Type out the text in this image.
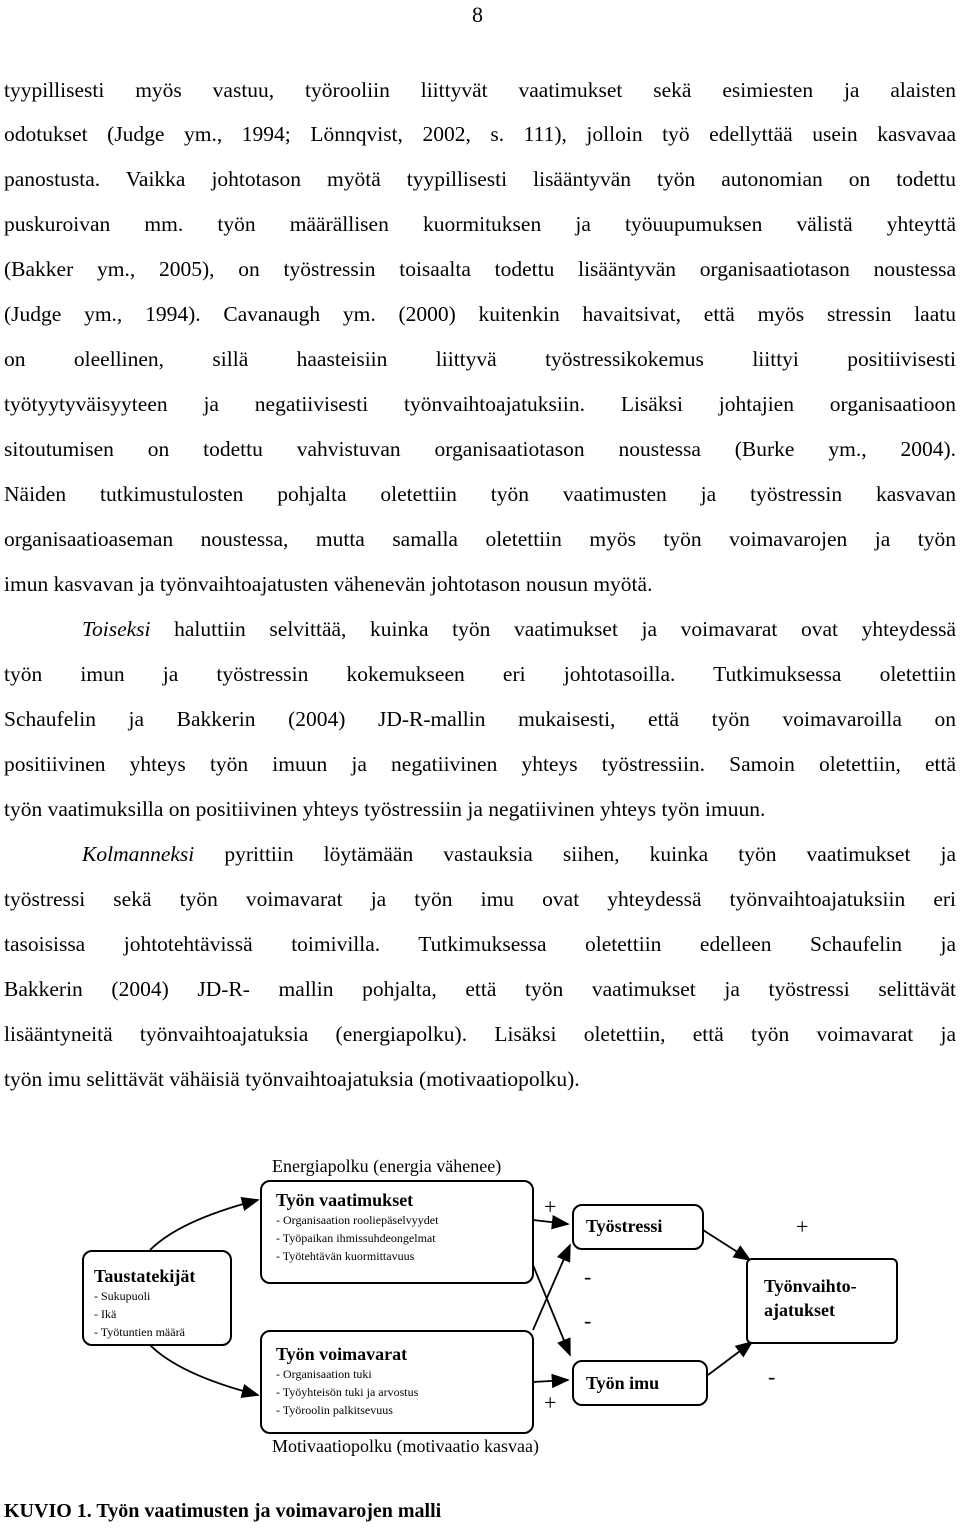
8
tyypillisesti myös vastuu, työrooliin liittyvät vaatimukset sekä esimiesten ja alaisten
odotukset (Judge ym., 1994; Lönnqvist, 2002, s. 111), jolloin työ edellyttää usein kasvavaa
panostusta. Vaikka johtotason myötä tyypillisesti lisääntyvän työn autonomian on todettu
puskuroivan mm. työn määrällisen kuormituksen ja työuupumuksen välistä yhteyttä
(Bakker ym., 2005), on työstressin toisaalta todettu lisääntyvän organisaatiotason noustessa
(Judge ym., 1994). Cavanaugh ym. (2000) kuitenkin havaitsivat, että myös stressin laatu
on oleellinen, sillä haasteisiin liittyvä työstressikokemus liittyi positiivisesti
työtyytyväisyyteen ja negatiivisesti työnvaihtoajatuksiin. Lisäksi johtajien organisaatioon
sitoutumisen on todettu vahvistuvan organisaatiotason noustessa (Burke ym., 2004).
Näiden tutkimustulosten pohjalta oletettiin työn vaatimusten ja työstressin kasvavan
organisaatioaseman noustessa, mutta samalla oletettiin myös työn voimavarojen ja työn
imun kasvavan ja työnvaihtoajatusten vähenevän johtotason nousun myötä.
Toiseksi haluttiin selvittää, kuinka työn vaatimukset ja voimavarat ovat yhteydessä
työn imun ja työstressin kokemukseen eri johtotasoilla. Tutkimuksessa oletettiin
Schaufelin ja Bakkerin (2004) JD-R-mallin mukaisesti, että työn voimavaroilla on
positiivinen yhteys työn imuun ja negatiivinen yhteys työstressiin. Samoin oletettiin, että
työn vaatimuksilla on positiivinen yhteys työstressiin ja negatiivinen yhteys työn imuun.
Kolmanneksi pyrittiin löytämään vastauksia siihen, kuinka työn vaatimukset ja
työstressi sekä työn voimavarat ja työn imu ovat yhteydessä työnvaihtoajatuksiin eri
tasoisissa johtotehtävissä toimivilla. Tutkimuksessa oletettiin edelleen Schaufelin ja
Bakkerin (2004) JD-R- mallin pohjalta, että työn vaatimukset ja työstressi selittävät
lisääntyneitä työnvaihtoajatuksia (energiapolku). Lisäksi oletettiin, että työn voimavarat ja
työn imu selittävät vähäisiä työnvaihtoajatuksia (motivaatiopolku).
Energiapolku (energia vähenee)
Työn vaatimukset
- Organisaation rooliepäselvyydet
- Työpaikan ihmissuhdeongelmat
- Työtehtävän kuormittavuus
Taustatekijät
- Sukupuoli
- Ikä
- Työtuntien määrä
Työn voimavarat
- Organisaation tuki
- Työyhteisön tuki ja arvostus
- Työroolin palkitsevuus
Työstressi
Työn imu
Työnvaihto-ajatukset
+
+
-
-
+
-
Motivaatiopolku (motivaatio kasvaa)
KUVIO 1. Työn vaatimusten ja voimavarojen malli
